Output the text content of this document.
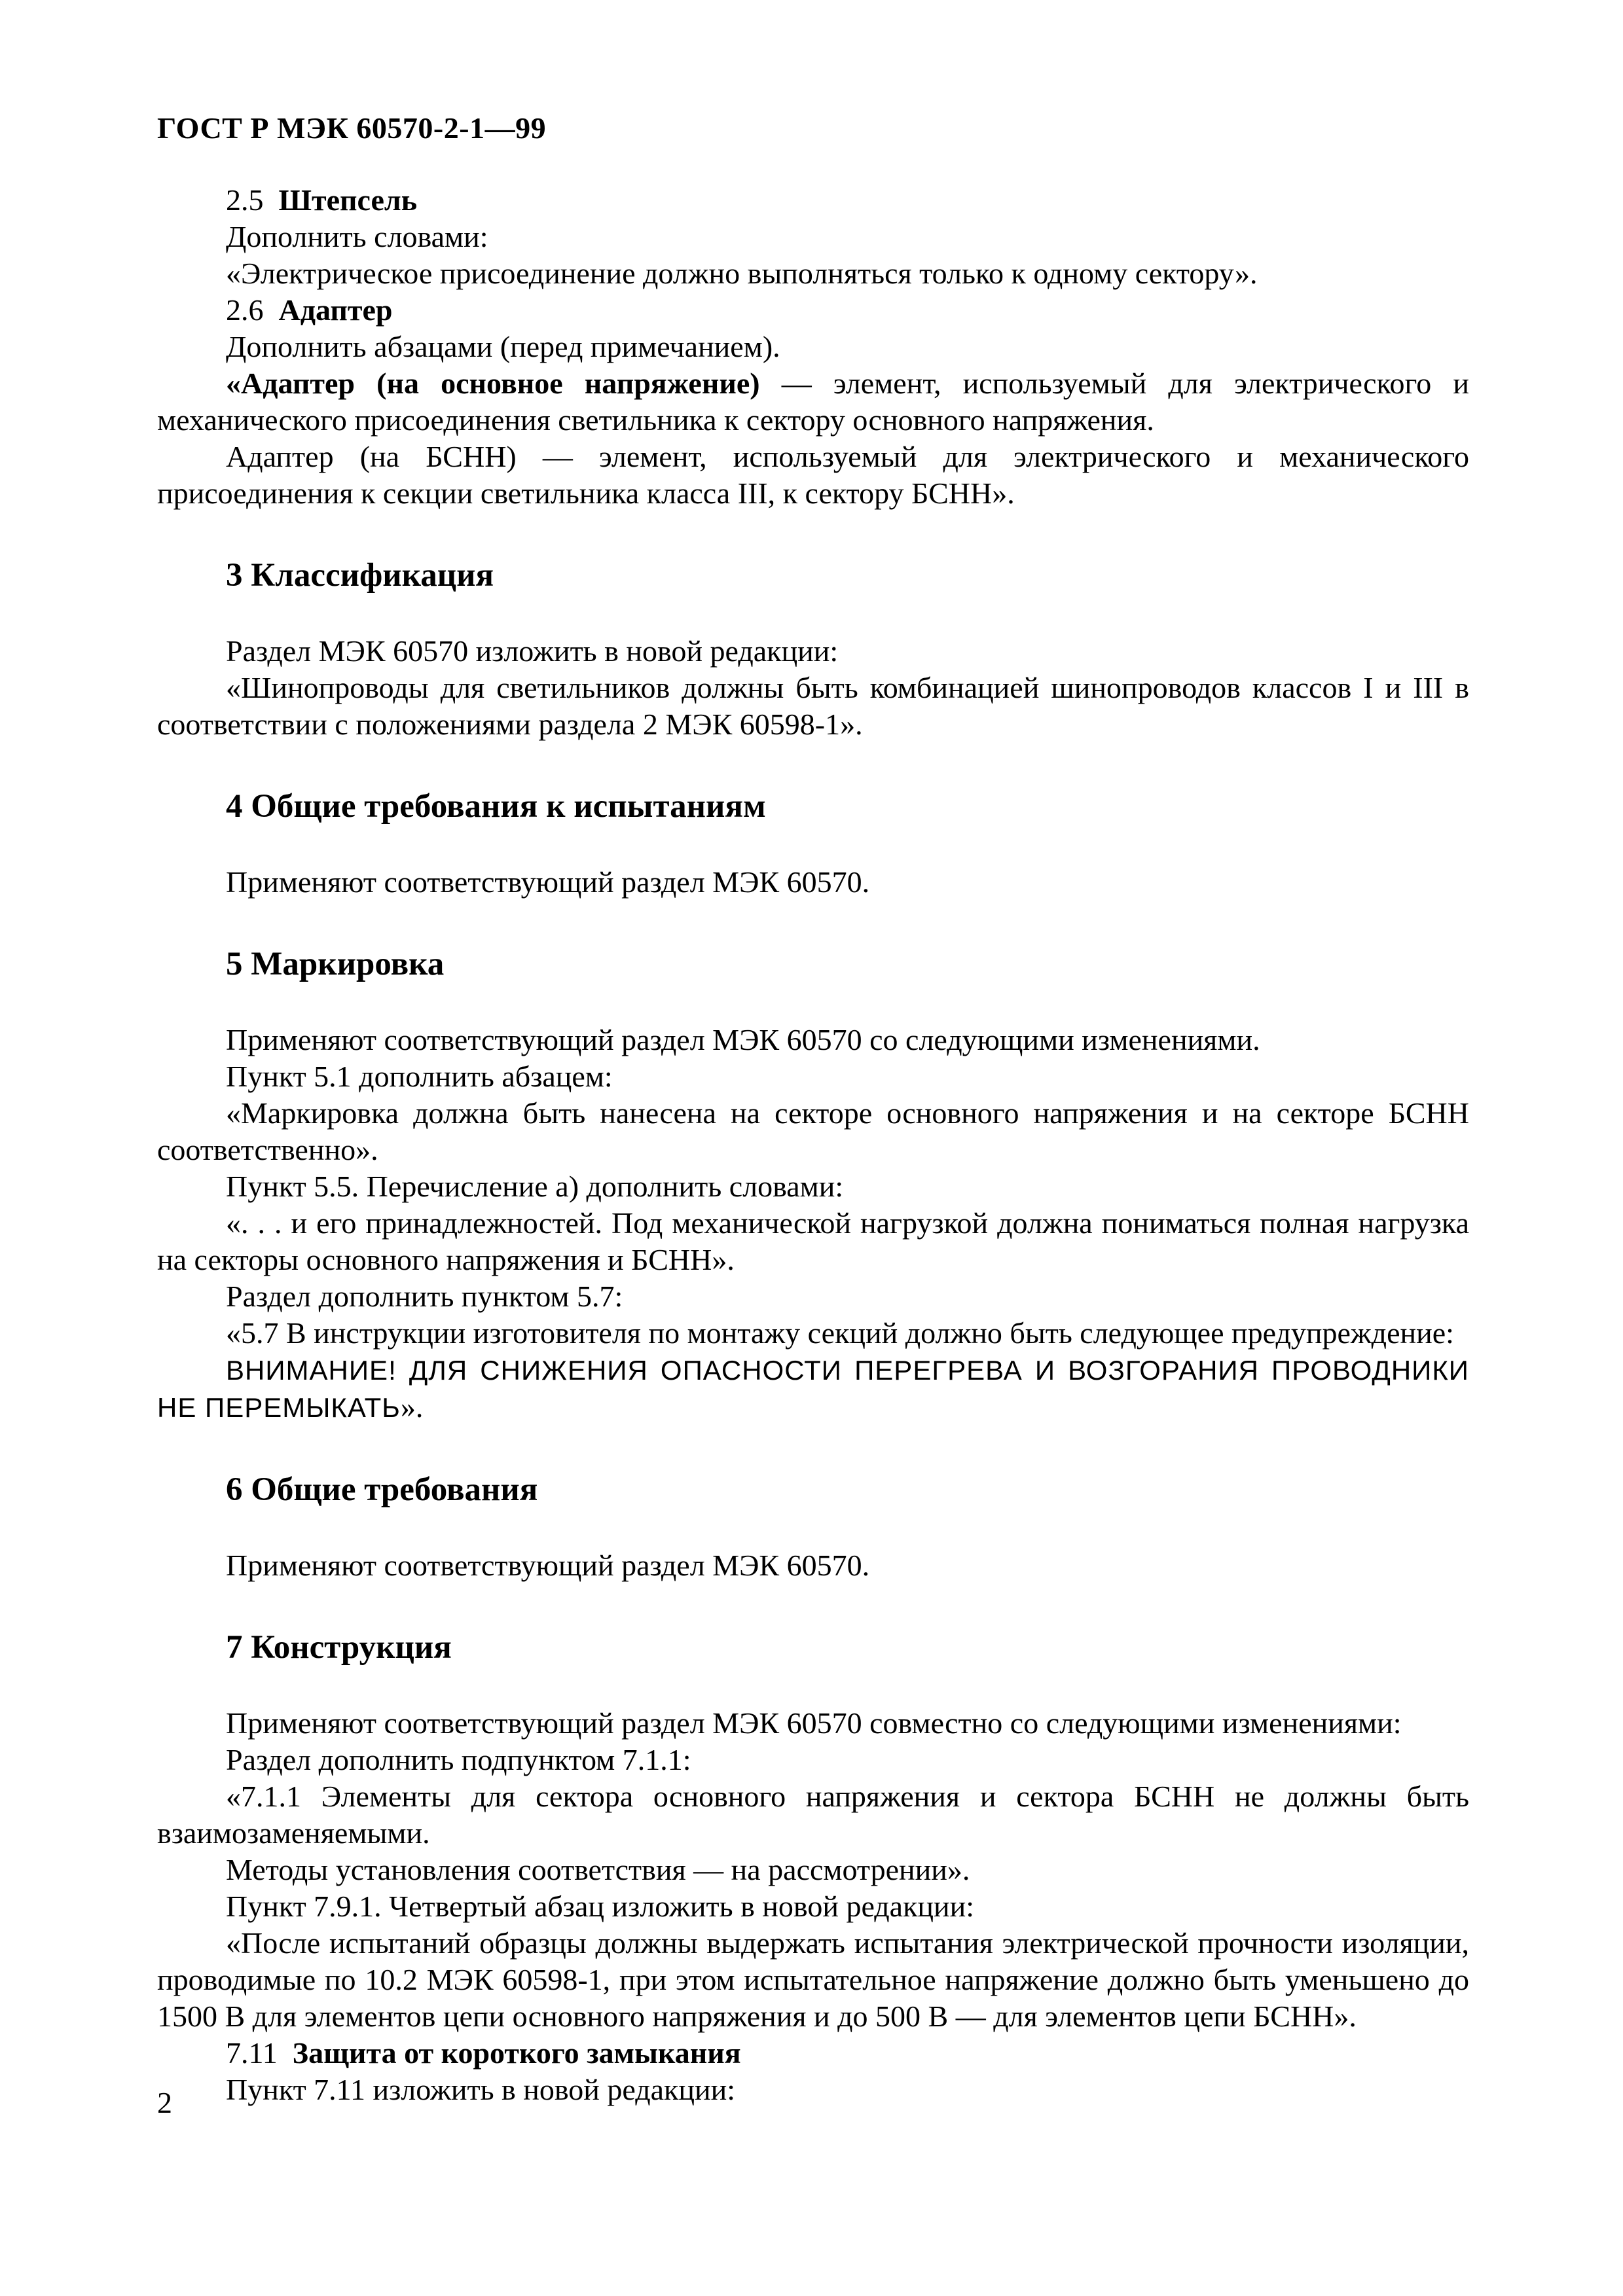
ГОСТ Р МЭК 60570-2-1—99

2.5 Штепсель

Дополнить словами:

«Электрическое присоединение должно выполняться только к одному сектору».

2.6 Адаптер

Дополнить абзацами (перед примечанием).

«Адаптер (на основное напряжение) — элемент, используемый для электрического и механического присоединения светильника к сектору основного напряжения.

Адаптер (на БСНН) — элемент, используемый для электрического и механического присоединения к секции светильника класса III, к сектору БСНН».

3 Классификация

Раздел МЭК 60570 изложить в новой редакции:

«Шинопроводы для светильников должны быть комбинацией шинопроводов классов I и III в соответствии с положениями раздела 2 МЭК 60598-1».

4 Общие требования к испытаниям

Применяют соответствующий раздел МЭК 60570.

5 Маркировка

Применяют соответствующий раздел МЭК 60570 со следующими изменениями.

Пункт 5.1 дополнить абзацем:

«Маркировка должна быть нанесена на секторе основного напряжения и на секторе БСНН соответственно».

Пункт 5.5. Перечисление а) дополнить словами:

«. . . и его принадлежностей. Под механической нагрузкой должна пониматься полная нагрузка на секторы основного напряжения и БСНН».

Раздел дополнить пунктом 5.7:

«5.7 В инструкции изготовителя по монтажу секций должно быть следующее предупреждение:

ВНИМАНИЕ! ДЛЯ СНИЖЕНИЯ ОПАСНОСТИ ПЕРЕГРЕВА И ВОЗГОРАНИЯ ПРОВОДНИКИ НЕ ПЕРЕМЫКАТЬ».

6 Общие требования

Применяют соответствующий раздел МЭК 60570.

7 Конструкция

Применяют соответствующий раздел МЭК 60570 совместно со следующими изменениями:

Раздел дополнить подпунктом 7.1.1:

«7.1.1 Элементы для сектора основного напряжения и сектора БСНН не должны быть взаимозаменяемыми.

Методы установления соответствия — на рассмотрении».

Пункт 7.9.1. Четвертый абзац изложить в новой редакции:

«После испытаний образцы должны выдержать испытания электрической прочности изоляции, проводимые по 10.2 МЭК 60598-1, при этом испытательное напряжение должно быть уменьшено до 1500 В для элементов цепи основного напряжения и до 500 В — для элементов цепи БСНН».

7.11 Защита от короткого замыкания

Пункт 7.11 изложить в новой редакции:

2
